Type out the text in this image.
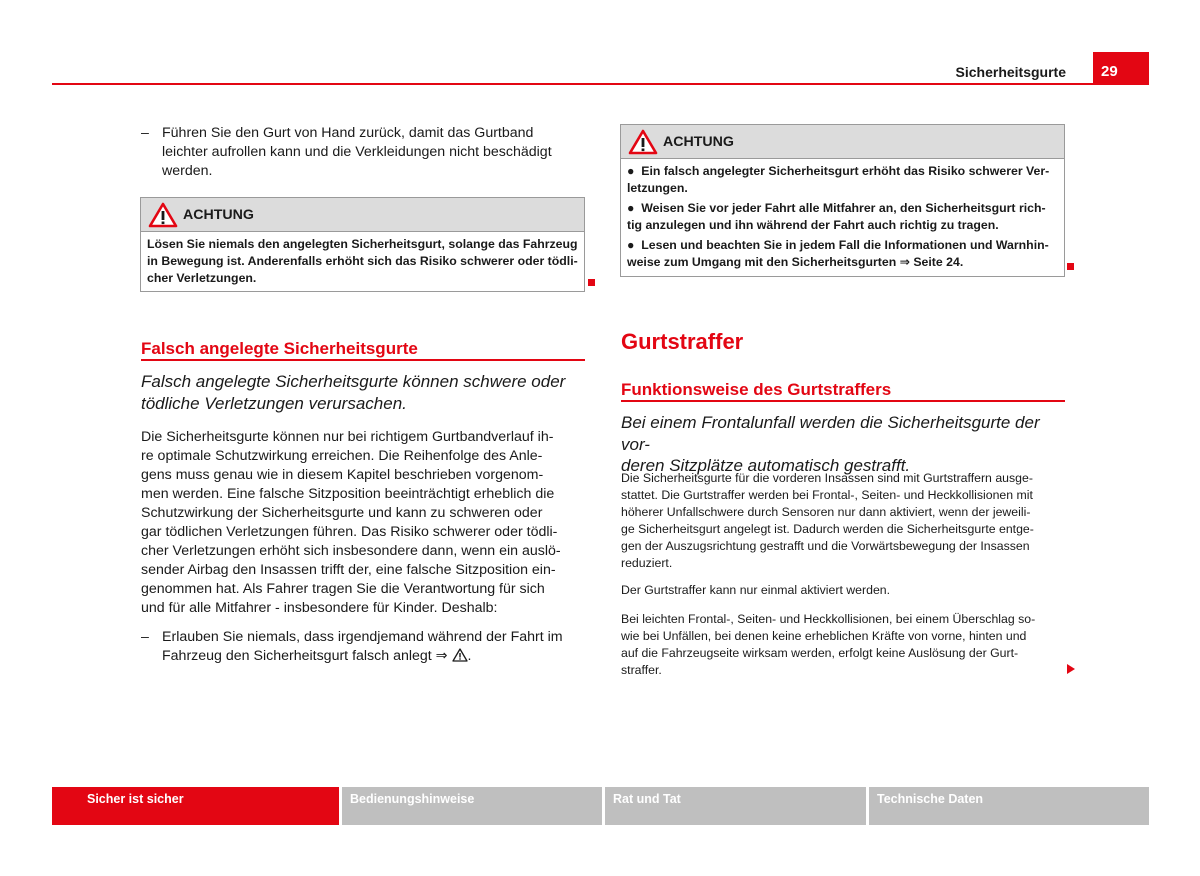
Sicherheitsgurte 29
– Führen Sie den Gurt von Hand zurück, damit das Gurtband
leichter aufrollen kann und die Verkleidungen nicht beschädigt
werden.
ACHTUNG

Lösen Sie niemals den angelegten Sicherheitsgurt, solange das Fahrzeug

in Bewegung ist. Anderenfalls erhöht sich das Risiko schwerer oder tödli-

cher Verletzungen.

Falsch angelegte Sicherheitsgurte
Falsch angelegte Sicherheitsgurte können schwere oder
tödliche Verletzungen verursachen.
Die Sicherheitsgurte können nur bei richtigem Gurtbandverlauf ih-
re optimale Schutzwirkung erreichen. Die Reihenfolge des Anle-
gens muss genau wie in diesem Kapitel beschrieben vorgenom-
men werden. Eine falsche Sitzposition beeinträchtigt erheblich die
Schutzwirkung der Sicherheitsgurte und kann zu schweren oder
gar tödlichen Verletzungen führen. Das Risiko schwerer oder tödli-
cher Verletzungen erhöht sich insbesondere dann, wenn ein auslö-
sender Airbag den Insassen trifft der, eine falsche Sitzposition ein-
genommen hat. Als Fahrer tragen Sie die Verantwortung für sich
und für alle Mitfahrer - insbesondere für Kinder. Deshalb:
– Erlauben Sie niemals, dass irgendjemand während der Fahrt im
Fahrzeug den Sicherheitsgurt falsch anlegt ⇒ .
ACHTUNG
● Ein falsch angelegter Sicherheitsgurt erhöht das Risiko schwerer Ver-
letzungen.
● Weisen Sie vor jeder Fahrt alle Mitfahrer an, den Sicherheitsgurt rich-
tig anzulegen und ihn während der Fahrt auch richtig zu tragen.
● Lesen und beachten Sie in jedem Fall die Informationen und Warnhin-
weise zum Umgang mit den Sicherheitsgurten ⇒ Seite 24.
Gurtstraffer
Funktionsweise des Gurtstraffers
Bei einem Frontalunfall werden die Sicherheitsgurte der vor-
deren Sitzplätze automatisch gestrafft.
Die Sicherheitsgurte für die vorderen Insassen sind mit Gurtstraffern ausge-
stattet. Die Gurtstraffer werden bei Frontal-, Seiten- und Heckkollisionen mit
höherer Unfallschwere durch Sensoren nur dann aktiviert, wenn der jeweili-
ge Sicherheitsgurt angelegt ist. Dadurch werden die Sicherheitsgurte entge-
gen der Auszugsrichtung gestrafft und die Vorwärtsbewegung der Insassen
reduziert.
Der Gurtstraffer kann nur einmal aktiviert werden.
Bei leichten Frontal-, Seiten- und Heckkollisionen, bei einem Überschlag so-
wie bei Unfällen, bei denen keine erheblichen Kräfte von vorne, hinten und
auf die Fahrzeugseite wirksam werden, erfolgt keine Auslösung der Gurt-
straffer.
Sicher ist sicher	Bedienungshinweise	Rat und Tat	Technische Daten
